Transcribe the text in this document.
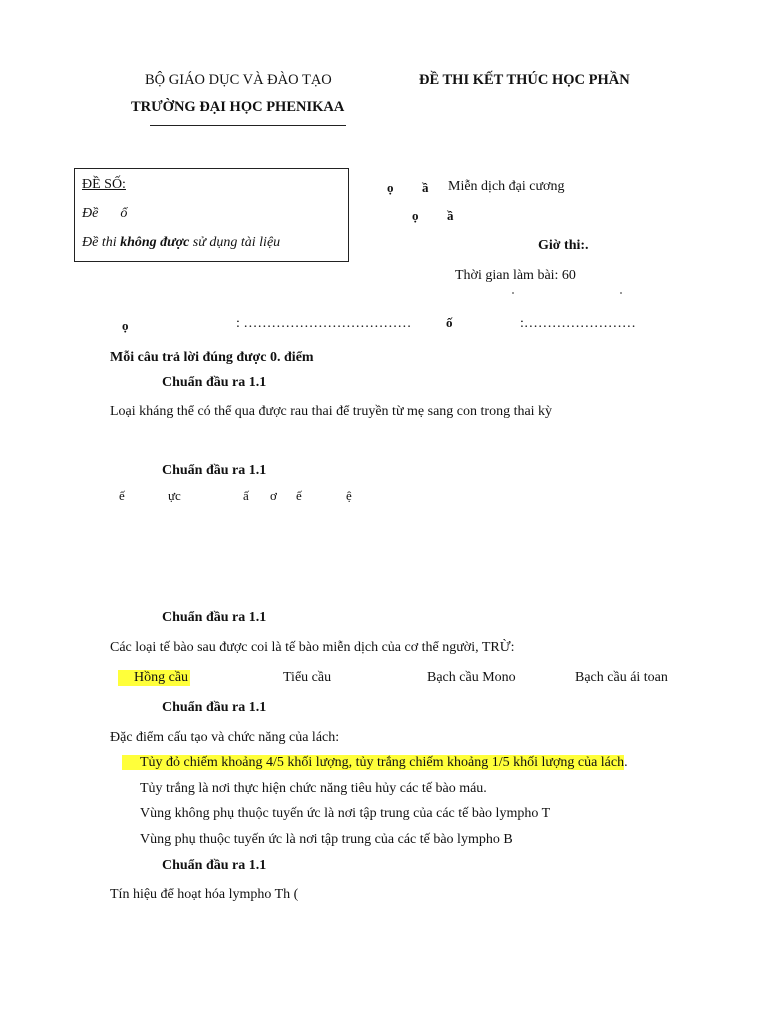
BỘ GIÁO DỤC VÀ ĐÀO TẠO
TRƯỜNG ĐẠI HỌC PHENIKAA
ĐỀ THI KẾT THÚC HỌC PHẦN
ĐỀ SỐ:
Đề ổ
Đề thi không được sử dụng tài liệu
ọ ầ Miễn dịch đại cương
ọ ầ
Giờ thi:.
Thời gian làm bài: 60
ọ	: ………………………………	ố	:……………………
Mỗi câu trả lời đúng được 0. điểm
Chuẩn đầu ra 1.1
Loại kháng thể có thể qua được rau thai để truyền từ mẹ sang con trong thai kỳ
Chuẩn đầu ra 1.1
ế	ực	ấ ơ ế	ệ
Chuẩn đầu ra 1.1
Các loại tế bào sau được coi là tế bào miễn dịch của cơ thể người, TRỪ:
Hồng cầu	Tiểu cầu	Bạch cầu Mono	Bạch cầu ái toan
Chuẩn đầu ra 1.1
Đặc điểm cấu tạo và chức năng của lách:
Tủy đỏ chiếm khoảng 4/5 khối lượng, tủy trắng chiếm khoảng 1/5 khối lượng của lách.
Tủy trắng là nơi thực hiện chức năng tiêu hủy các tế bào máu.
Vùng không phụ thuộc tuyến ức là nơi tập trung của các tế bào lympho T
Vùng phụ thuộc tuyến ức là nơi tập trung của các tế bào lympho B
Chuẩn đầu ra 1.1
Tín hiệu để hoạt hóa lympho Th (
